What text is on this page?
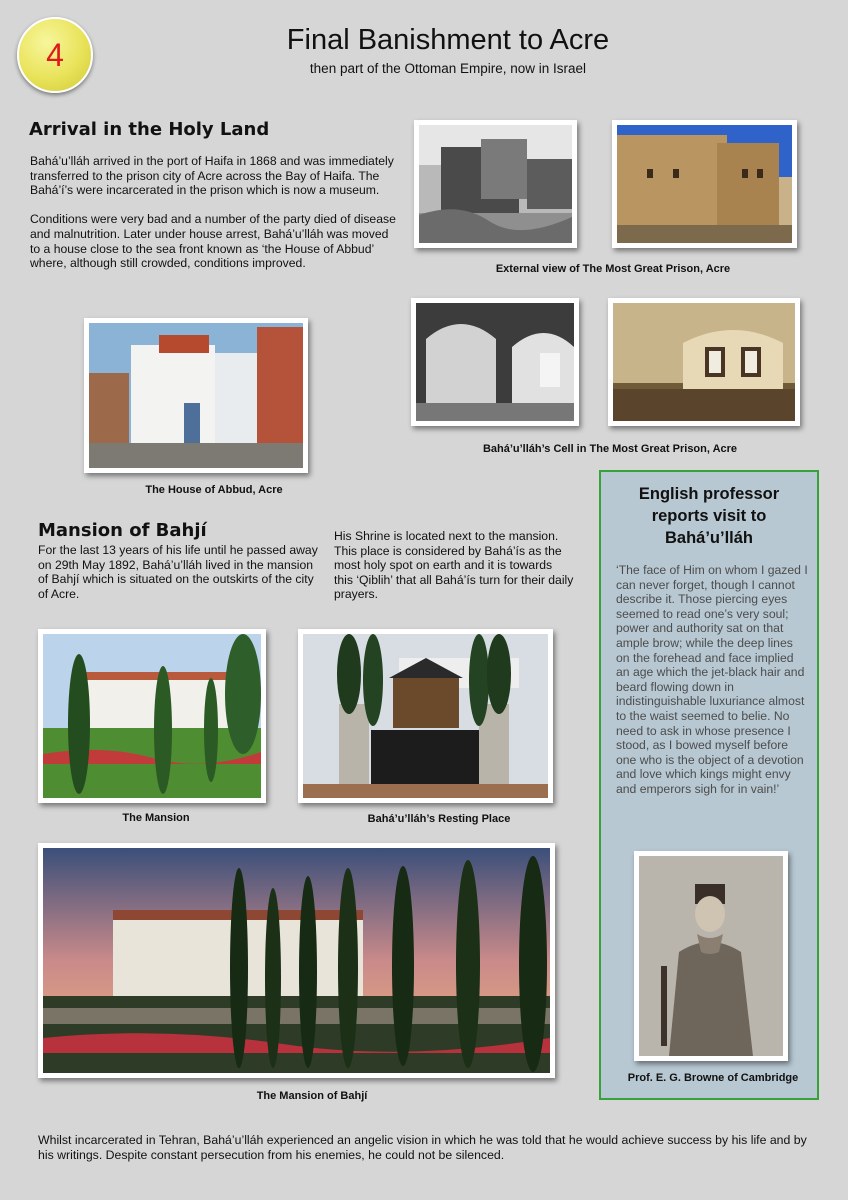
4	Final Banishment to Acre
then part of the Ottoman Empire, now in Israel
Arrival in the Holy Land

Bahá’u’lláh arrived in the port of Haifa in 1868 and was immediately transferred to the prison city of Acre across the Bay of Haifa. The Bahá’í’s were incarcerated in the prison which is now a museum.

Conditions were very bad and a number of the party died of disease and malnutrition. Later under house arrest, Bahá’u’lláh was moved to a house close to the sea front known as ‘the House of Abbud’ where, although still crowded, conditions improved.	External view of The Most Great Prison, Acre
Bahá’u’lláh’s Cell in The Most Great Prison, Acre
The House of Abbud, Acre
Mansion of Bahjí
For the last 13 years of his life until he passed away on 29th May 1892, Bahá’u’lláh lived in the mansion of Bahjí which is situated on the outskirts of the city of Acre.
His Shrine is located next to the mansion. This place is considered by Bahá’ís as the most holy spot on earth and it is towards this ‘Qiblih’ that all Bahá’ís turn for their daily prayers.
The Mansion	Bahá’u’lláh’s Resting Place
The Mansion of Bahjí
English professor reports visit to Bahá’u’lláh
‘The face of Him on whom I gazed I can never forget, though I cannot describe it. Those piercing eyes seemed to read one’s very soul; power and authority sat on that ample brow; while the deep lines on the forehead and face implied an age which the jet-black hair and beard flowing down in indistinguishable luxuriance almost to the waist seemed to belie. No need to ask in whose presence I stood, as I bowed myself before one who is the object of a devotion and love which kings might envy and emperors sigh for in vain!’
Prof. E. G. Browne of Cambridge
Whilst incarcerated in Tehran, Bahá’u’lláh experienced an angelic vision in which he was told that he would achieve success by his life and by his writings. Despite constant persecution from his enemies, he could not be silenced.
